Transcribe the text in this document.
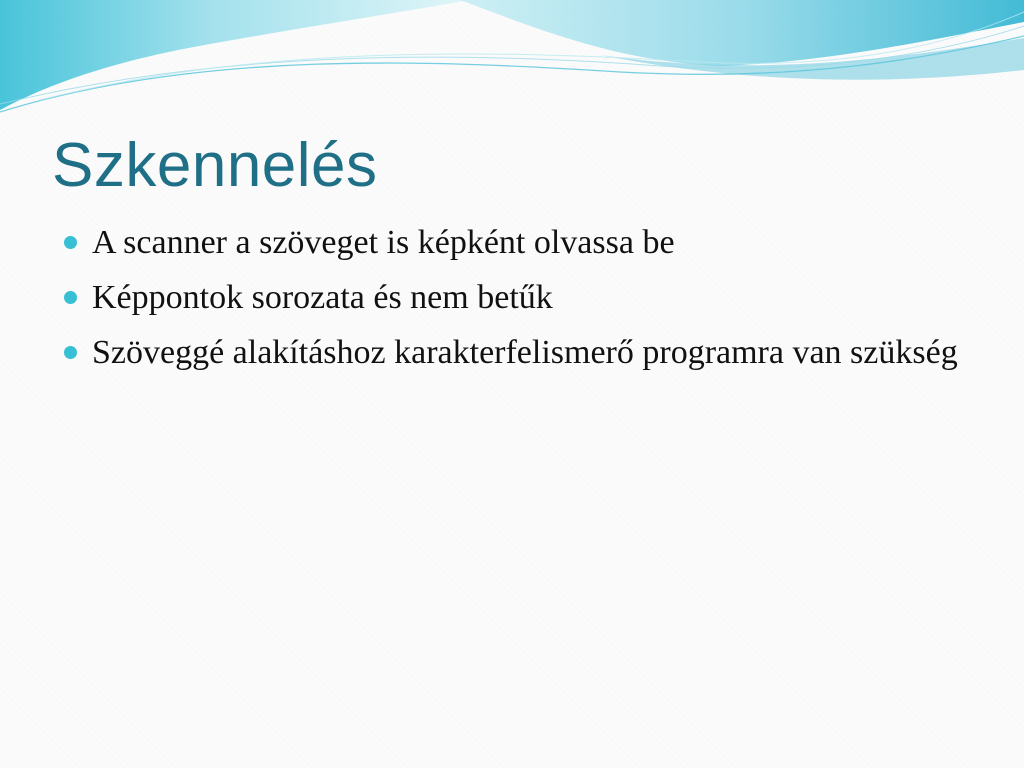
Szkennelés
A scanner a szöveget is képként olvassa be
Képpontok sorozata és nem betűk
Szöveggé alakításhoz karakterfelismerő programra van szükség
